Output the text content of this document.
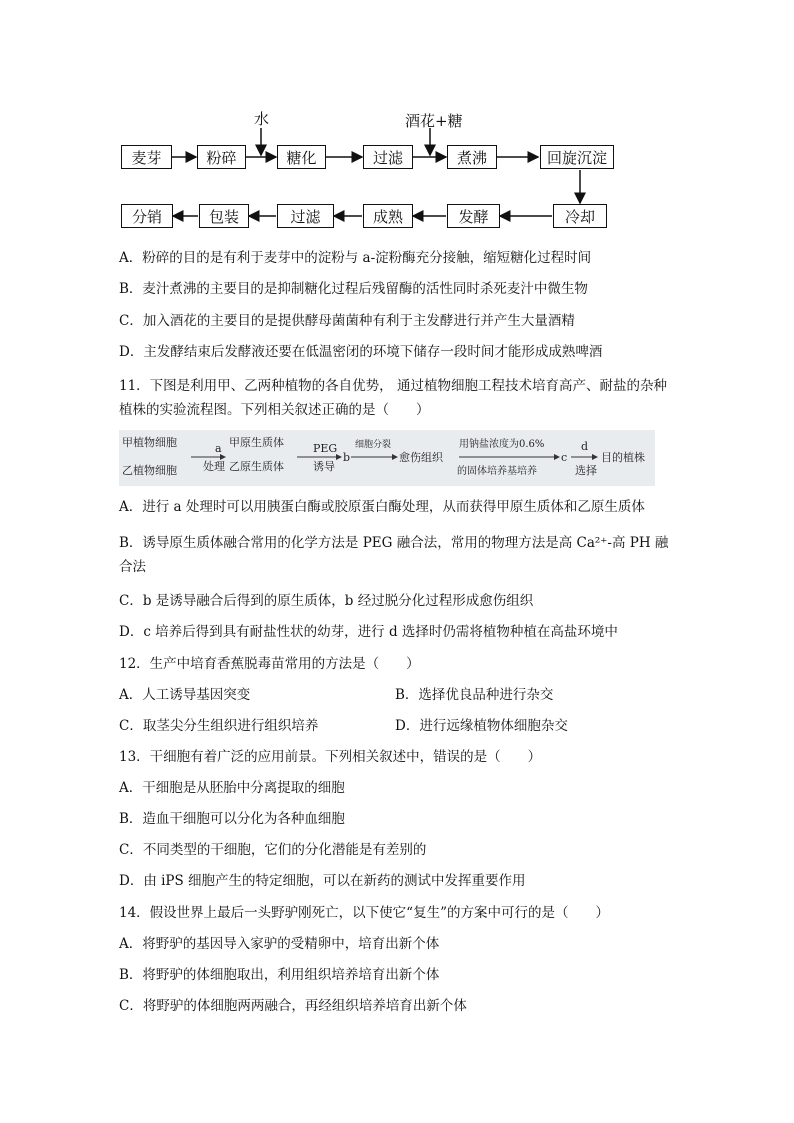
麦芽	粉碎	糖化	过滤	煮沸	回旋沉淀
冷却
发酵
成熟
过滤
包装
分销
水	酒花+糖
A．粉碎的目的是有利于麦芽中的淀粉与 a-淀粉酶充分接触，缩短糖化过程时间
B．麦汁煮沸的主要目的是抑制糖化过程后残留酶的活性同时杀死麦汁中微生物
C．加入酒花的主要目的是提供酵母菌菌种有利于主发酵进行并产生大量酒精
D．主发酵结束后发酵液还要在低温密闭的环境下储存一段时间才能形成成熟啤酒
11．下图是利用甲、乙两种植物的各自优势， 通过植物细胞工程技术培育高产、耐盐的杂种植株的实验流程图。下列相关叙述正确的是（　　）
甲植物细胞
乙植物细胞
a
处理
甲原生质体
乙原生质体
PEG
诱导
b
细胞分裂
愈伤组织
用钠盐浓度为0.6%
的固体培养基培养
c
d
选择
目的植株
A．进行 a 处理时可以用胰蛋白酶或胶原蛋白酶处理，从而获得甲原生质体和乙原生质体
B．诱导原生质体融合常用的化学方法是 PEG 融合法，常用的物理方法是高 Ca²⁺-高 PH 融合法
C．b 是诱导融合后得到的原生质体，b 经过脱分化过程形成愈伤组织
D．c 培养后得到具有耐盐性状的幼芽，进行 d 选择时仍需将植物种植在高盐环境中
12．生产中培育香蕉脱毒苗常用的方法是（　　）
A．人工诱导基因突变	B．选择优良品种进行杂交
C．取茎尖分生组织进行组织培养	D．进行远缘植物体细胞杂交
13．干细胞有着广泛的应用前景。下列相关叙述中，错误的是（　　）
A．干细胞是从胚胎中分离提取的细胞
B．造血干细胞可以分化为各种血细胞
C．不同类型的干细胞，它们的分化潜能是有差别的
D．由 iPS 细胞产生的特定细胞，可以在新药的测试中发挥重要作用
14．假设世界上最后一头野驴刚死亡，以下使它“复生”的方案中可行的是（　　）
A．将野驴的基因导入家驴的受精卵中，培育出新个体
B．将野驴的体细胞取出，利用组织培养培育出新个体
C．将野驴的体细胞两两融合，再经组织培养培育出新个体
